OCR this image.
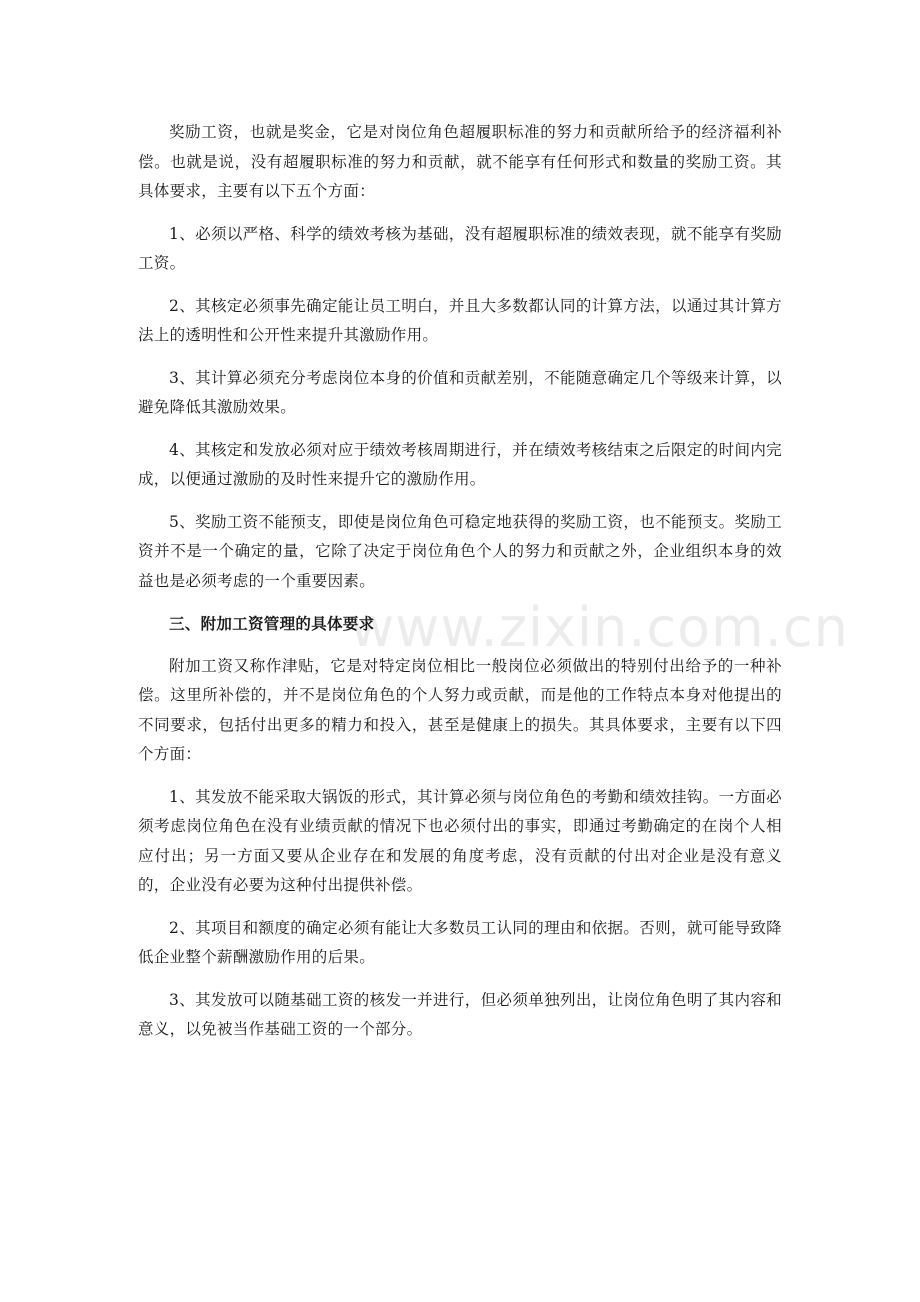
奖励工资，也就是奖金，它是对岗位角色超履职标准的努力和贡献所给予的经济福利补偿。也就是说，没有超履职标准的努力和贡献，就不能享有任何形式和数量的奖励工资。其具体要求，主要有以下五个方面：

1、必须以严格、科学的绩效考核为基础，没有超履职标准的绩效表现，就不能享有奖励工资。

2、其核定必须事先确定能让员工明白，并且大多数都认同的计算方法，以通过其计算方法上的透明性和公开性来提升其激励作用。

3、其计算必须充分考虑岗位本身的价值和贡献差别，不能随意确定几个等级来计算，以避免降低其激励效果。

4、其核定和发放必须对应于绩效考核周期进行，并在绩效考核结束之后限定的时间内完成，以便通过激励的及时性来提升它的激励作用。

5、奖励工资不能预支，即使是岗位角色可稳定地获得的奖励工资，也不能预支。奖励工资并不是一个确定的量，它除了决定于岗位角色个人的努力和贡献之外，企业组织本身的效益也是必须考虑的一个重要因素。

三、附加工资管理的具体要求

附加工资又称作津贴，它是对特定岗位相比一般岗位必须做出的特别付出给予的一种补偿。这里所补偿的，并不是岗位角色的个人努力或贡献，而是他的工作特点本身对他提出的不同要求，包括付出更多的精力和投入，甚至是健康上的损失。其具体要求，主要有以下四个方面：

1、其发放不能采取大锅饭的形式，其计算必须与岗位角色的考勤和绩效挂钩。一方面必须考虑岗位角色在没有业绩贡献的情况下也必须付出的事实，即通过考勤确定的在岗个人相应付出；另一方面又要从企业存在和发展的角度考虑，没有贡献的付出对企业是没有意义的，企业没有必要为这种付出提供补偿。

2、其项目和额度的确定必须有能让大多数员工认同的理由和依据。否则，就可能导致降低企业整个薪酬激励作用的后果。

3、其发放可以随基础工资的核发一并进行，但必须单独列出，让岗位角色明了其内容和意义，以免被当作基础工资的一个部分。

www.zixin.com.cn
